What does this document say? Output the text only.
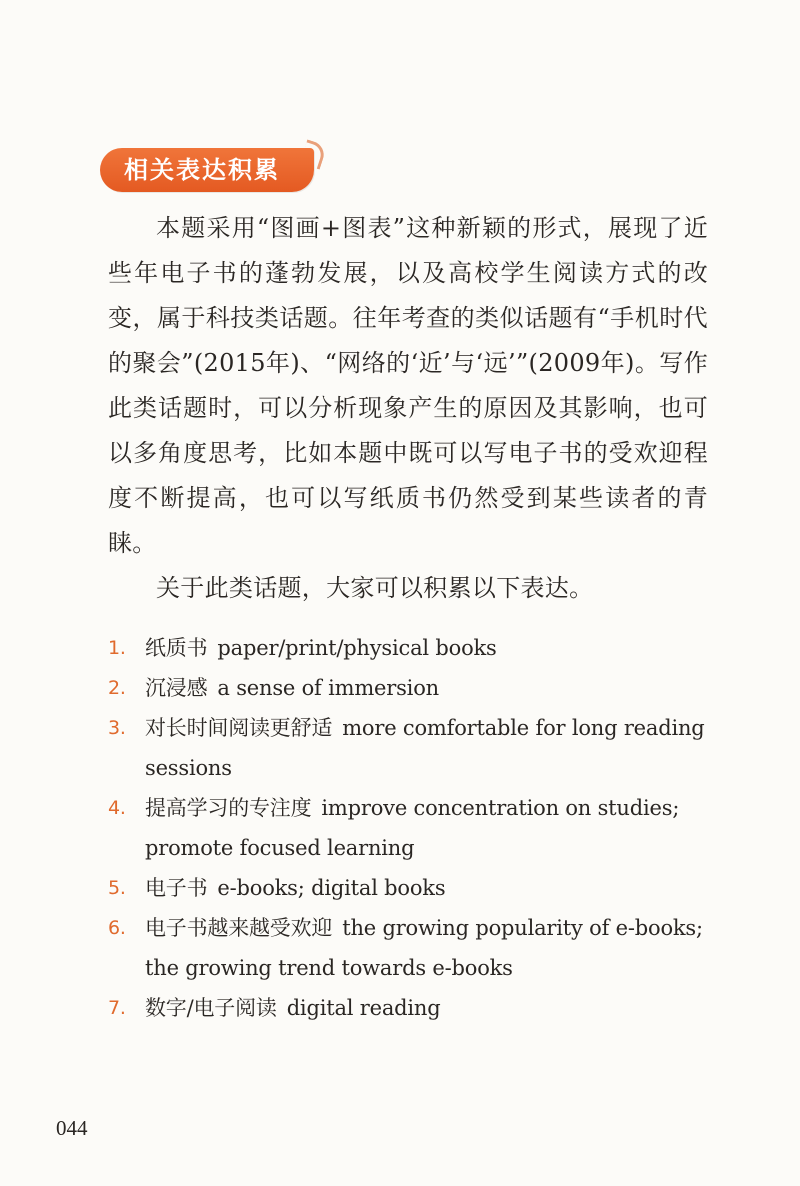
相关表达积累

本题采用“图画+图表”这种新颖的形式，展现了近些年电子书的蓬勃发展，以及高校学生阅读方式的改变，属于科技类话题。往年考查的类似话题有“手机时代的聚会”(2015年)、“网络的‘近’与‘远’”(2009年)。写作此类话题时，可以分析现象产生的原因及其影响，也可以多角度思考，比如本题中既可以写电子书的受欢迎程度不断提高，也可以写纸质书仍然受到某些读者的青睐。

关于此类话题，大家可以积累以下表达。

1. 纸质书 paper/print/physical books
2. 沉浸感 a sense of immersion
3. 对长时间阅读更舒适 more comfortable for long reading sessions
4. 提高学习的专注度 improve concentration on studies; promote focused learning
5. 电子书 e-books; digital books
6. 电子书越来越受欢迎 the growing popularity of e-books; the growing trend towards e-books
7. 数字/电子阅读 digital reading
044
